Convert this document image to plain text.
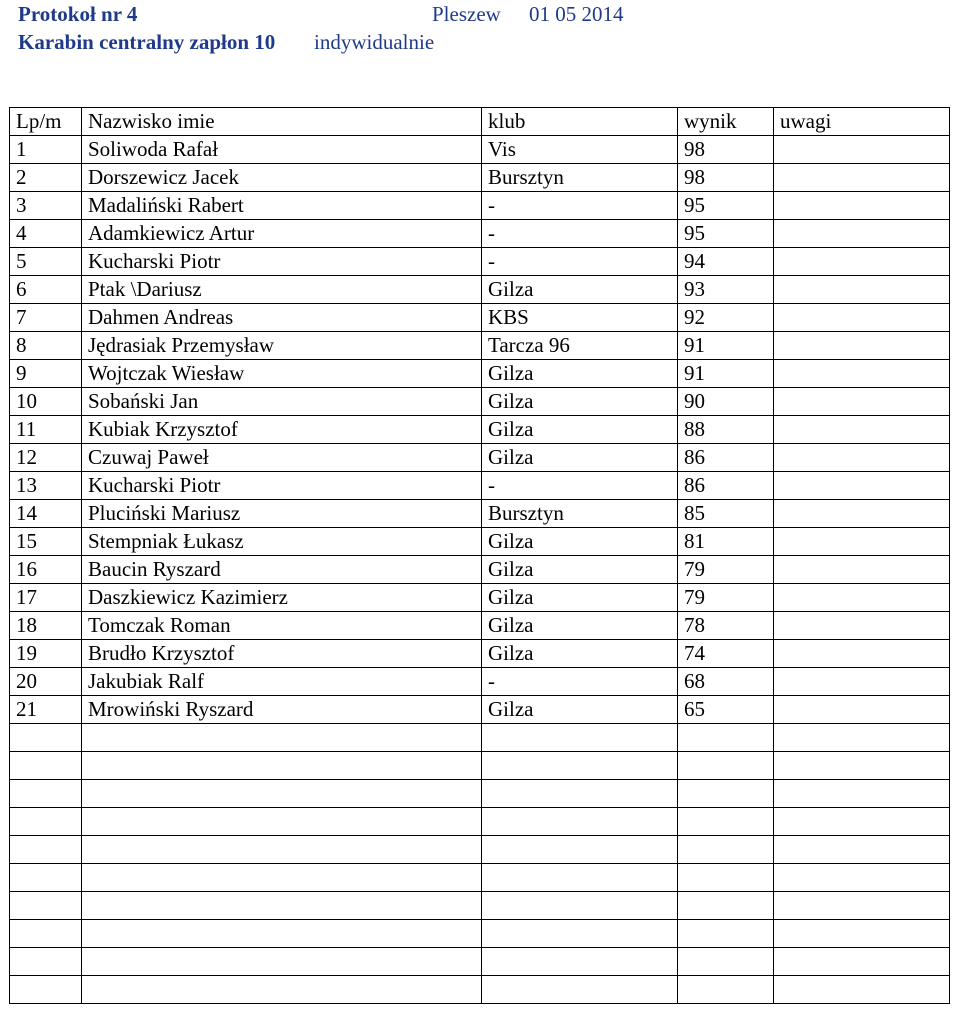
Protokoł nr 4	Pleszew 01 05 2014
Karabin centralny zapłon 10 indywidualnie
Lp/m	Nazwisko imie	klub	wynik	uwagi
1	Soliwoda Rafał	Vis	98	
2	Dorszewicz Jacek	Bursztyn	98	
3	Madaliński Rabert	-	95	
4	Adamkiewicz Artur	-	95	
5	Kucharski Piotr	-	94	
6	Ptak \Dariusz	Gilza	93	
7	Dahmen Andreas	KBS	92	
8	Jędrasiak Przemysław	Tarcza 96	91	
9	Wojtczak Wiesław	Gilza	91	
10	Sobański Jan	Gilza	90	
11	Kubiak Krzysztof	Gilza	88	
12	Czuwaj Paweł	Gilza	86	
13	Kucharski Piotr	-	86	
14	Pluciński Mariusz	Bursztyn	85	
15	Stempniak Łukasz	Gilza	81	
16	Baucin Ryszard	Gilza	79	
17	Daszkiewicz Kazimierz	Gilza	79	
18	Tomczak Roman	Gilza	78	
19	Brudło Krzysztof	Gilza	74	
20	Jakubiak Ralf	-	68	
21	Mrowiński Ryszard	Gilza	65	
